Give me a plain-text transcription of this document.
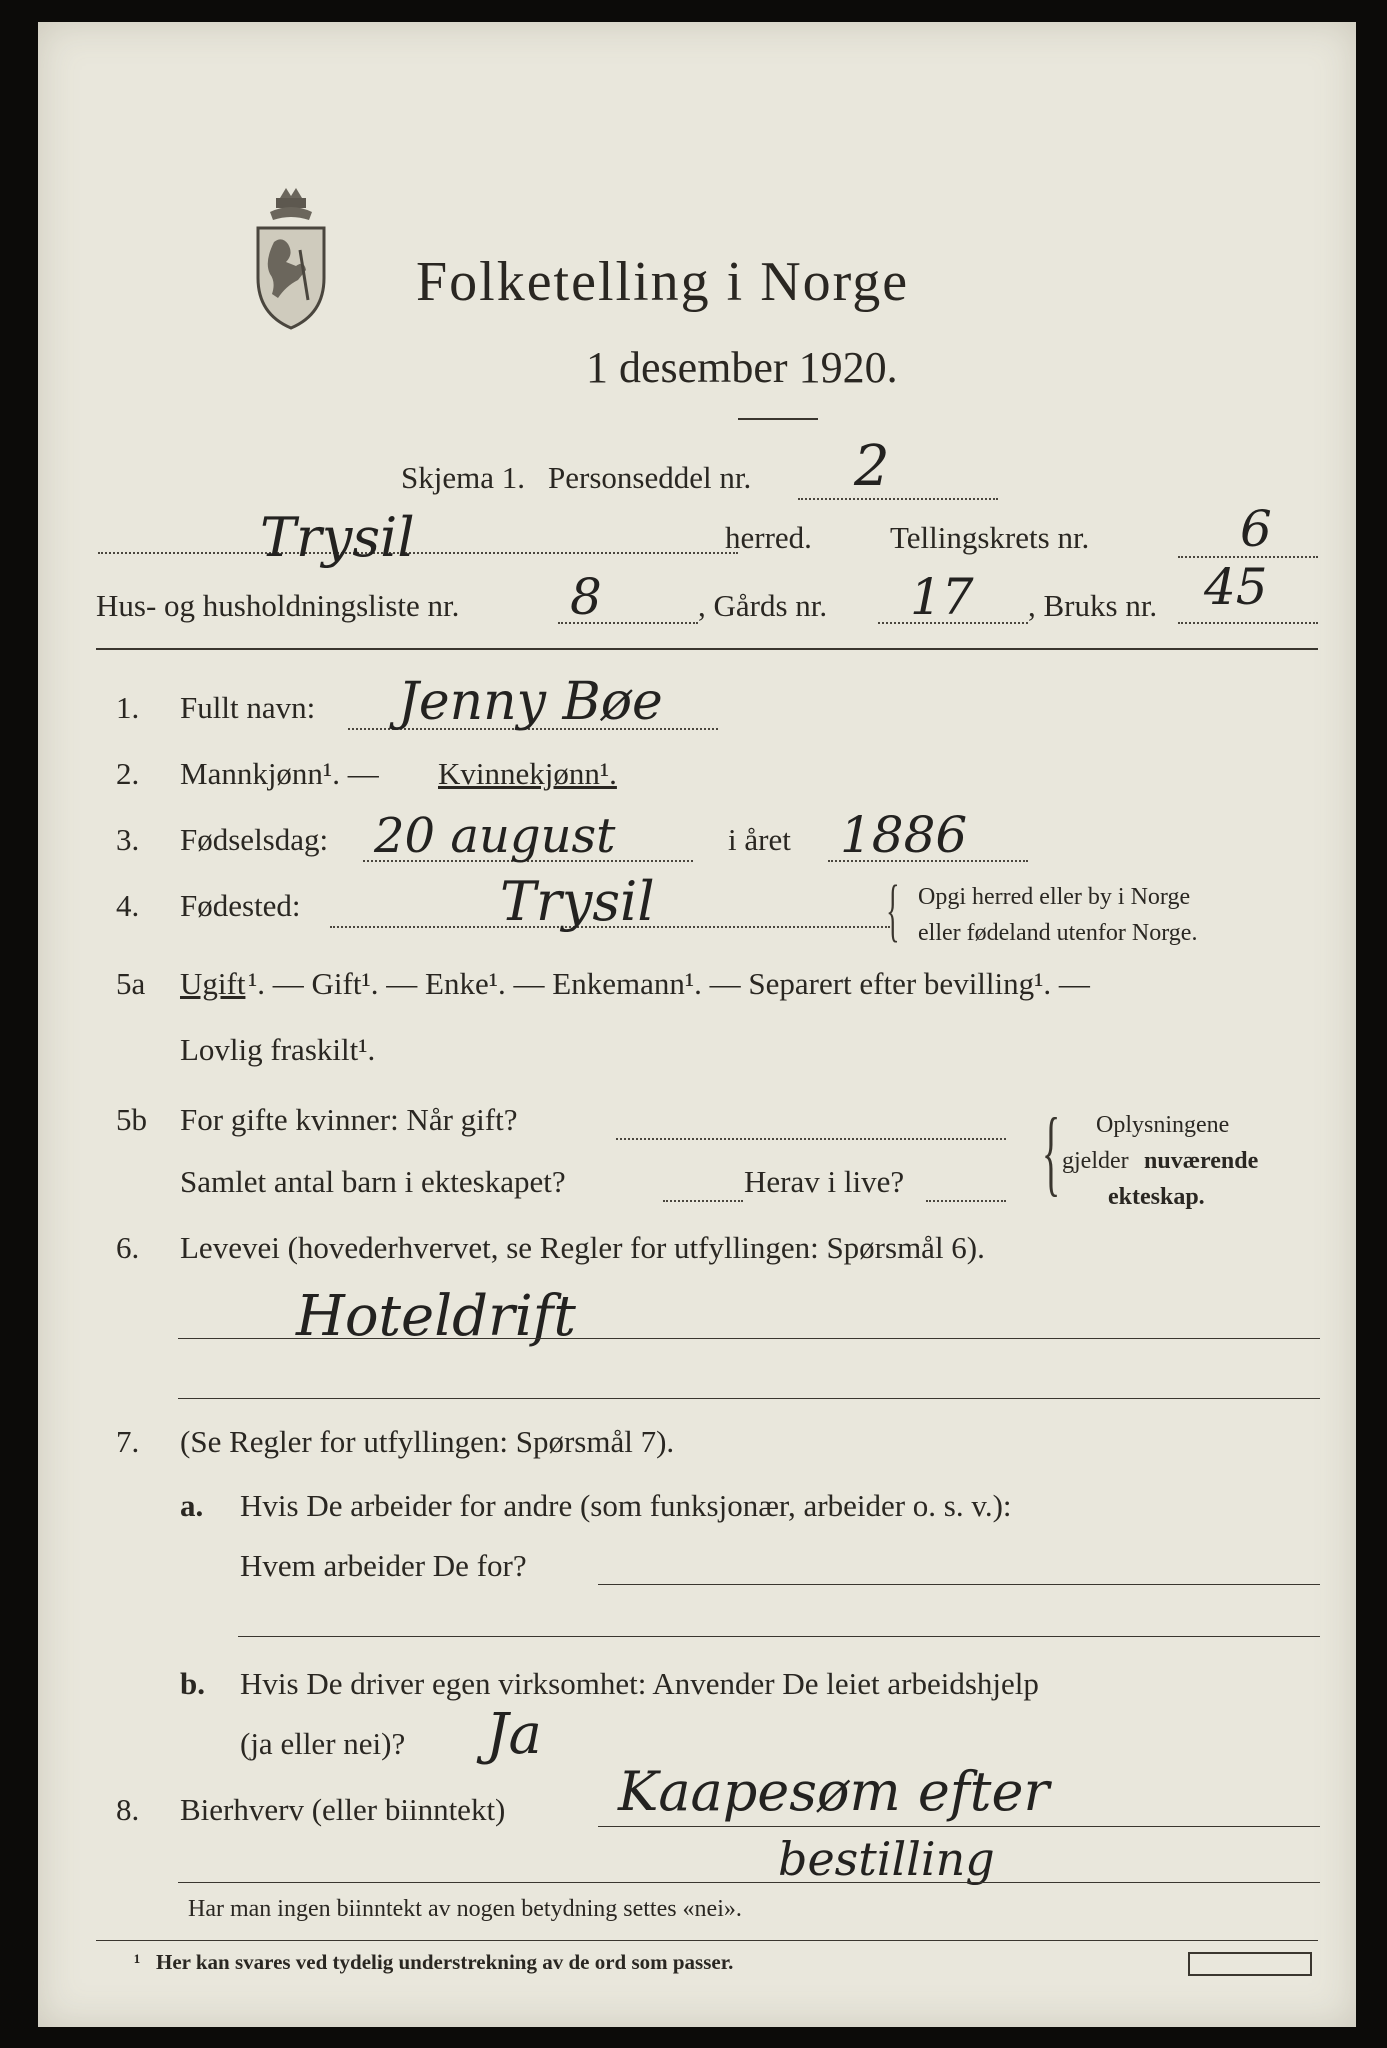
Folketelling i Norge
1 desember 1920.
Skjema 1. Personseddel nr. 2
Trysil	herred.	Tellingskrets nr.	6
Hus- og husholdningsliste nr. 8	, Gårds nr. 17 , Bruks nr. 45
1. Fullt navn: Jenny Bøe
2. Mannkjønn¹. — Kvinnekjønn¹.
3. Fødselsdag: 20 august	i året 1886
4. Fødested:	Trysil	{ Opgi herred eller by i Norge
eller fødeland utenfor Norge.
5a Ugift ¹. — Gift¹. — Enke¹. — Enkemann¹. — Separert efter bevilling¹. —
Lovlig fraskilt¹.
5b For gifte kvinner: Når gift?
Samlet antal barn i ekteskapet?	Herav i live? { Oplysningene
gjelder nuværende
ekteskap.
6. Levevei (hovederhvervet, se Regler for utfyllingen: Spørsmål 6).
Hoteldrift
7. (Se Regler for utfyllingen: Spørsmål 7).
a. Hvis De arbeider for andre (som funksjonær, arbeider o. s. v.):
Hvem arbeider De for?
b. Hvis De driver egen virksomhet: Anvender De leiet arbeidshjelp
(ja eller nei)? Ja
8. Bierhverv (eller biinntekt) Kaapesøm efter
bestilling
Har man ingen biinntekt av nogen betydning settes «nei».
¹ Her kan svares ved tydelig understrekning av de ord som passer.
